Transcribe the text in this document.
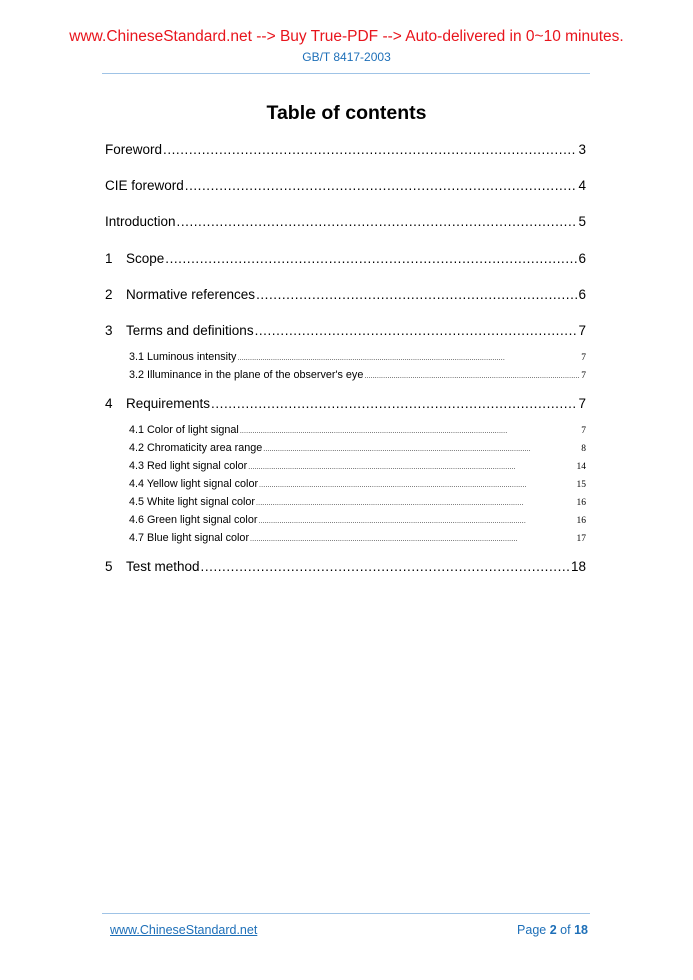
www.ChineseStandard.net --> Buy True-PDF --> Auto-delivered in 0~10 minutes.
GB/T 8417-2003
Table of contents
Foreword . . .	3
CIE foreword . . .	4
Introduction . . .	5
1 Scope . . .	6
2 Normative references . . .	6
3 Terms and definitions . . .	7
3.1 Luminous intensity . . .	7
3.2 Illuminance in the plane of the observer's eye . . .	7
4 Requirements . . .	7
4.1 Color of light signal . . .	7
4.2 Chromaticity area range . . .	8
4.3 Red light signal color . . .	14
4.4 Yellow light signal color . . .	15
4.5 White light signal color . . .	16
4.6 Green light signal color . . .	16
4.7 Blue light signal color . . .	17
5 Test method . . .	18
www.ChineseStandard.net	Page 2 of 18
